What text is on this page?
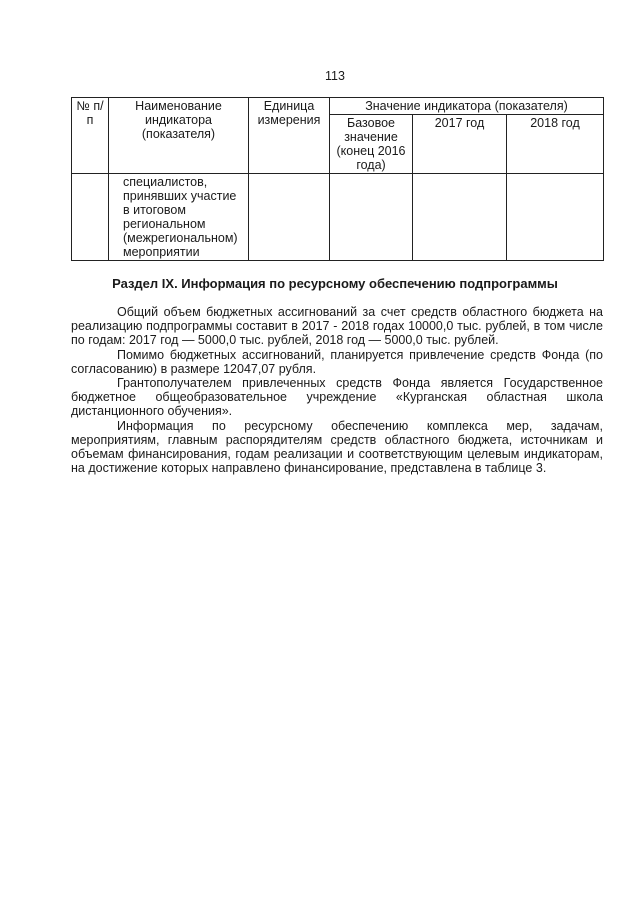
113
№ п/п	Наименование индикатора (показателя)	Единица измерения	Значение индикатора (показателя)		
			Базовое значение (конец 2016 года)	2017 год	2018 год
	специалистов, принявших участие в итоговом региональном (межрегиональном) мероприятии				
Раздел IX. Информация по ресурсному обеспечению подпрограммы

Общий объем бюджетных ассигнований за счет средств областного бюджета на реализацию подпрограммы составит в 2017 - 2018 годах 10000,0 тыс. рублей, в том числе по годам: 2017 год — 5000,0 тыс. рублей, 2018 год — 5000,0 тыс. рублей.

Помимо бюджетных ассигнований, планируется привлечение средств Фонда (по согласованию) в размере 12047,07 рубля.

Грантополучателем привлеченных средств Фонда является Государственное бюджетное общеобразовательное учреждение «Курганская областная школа дистанционного обучения».

Информация по ресурсному обеспечению комплекса мер, задачам, мероприятиям, главным распорядителям средств областного бюджета, источникам и объемам финансирования, годам реализации и соответствующим целевым индикаторам, на достижение которых направлено финансирование, представлена в таблице 3.
